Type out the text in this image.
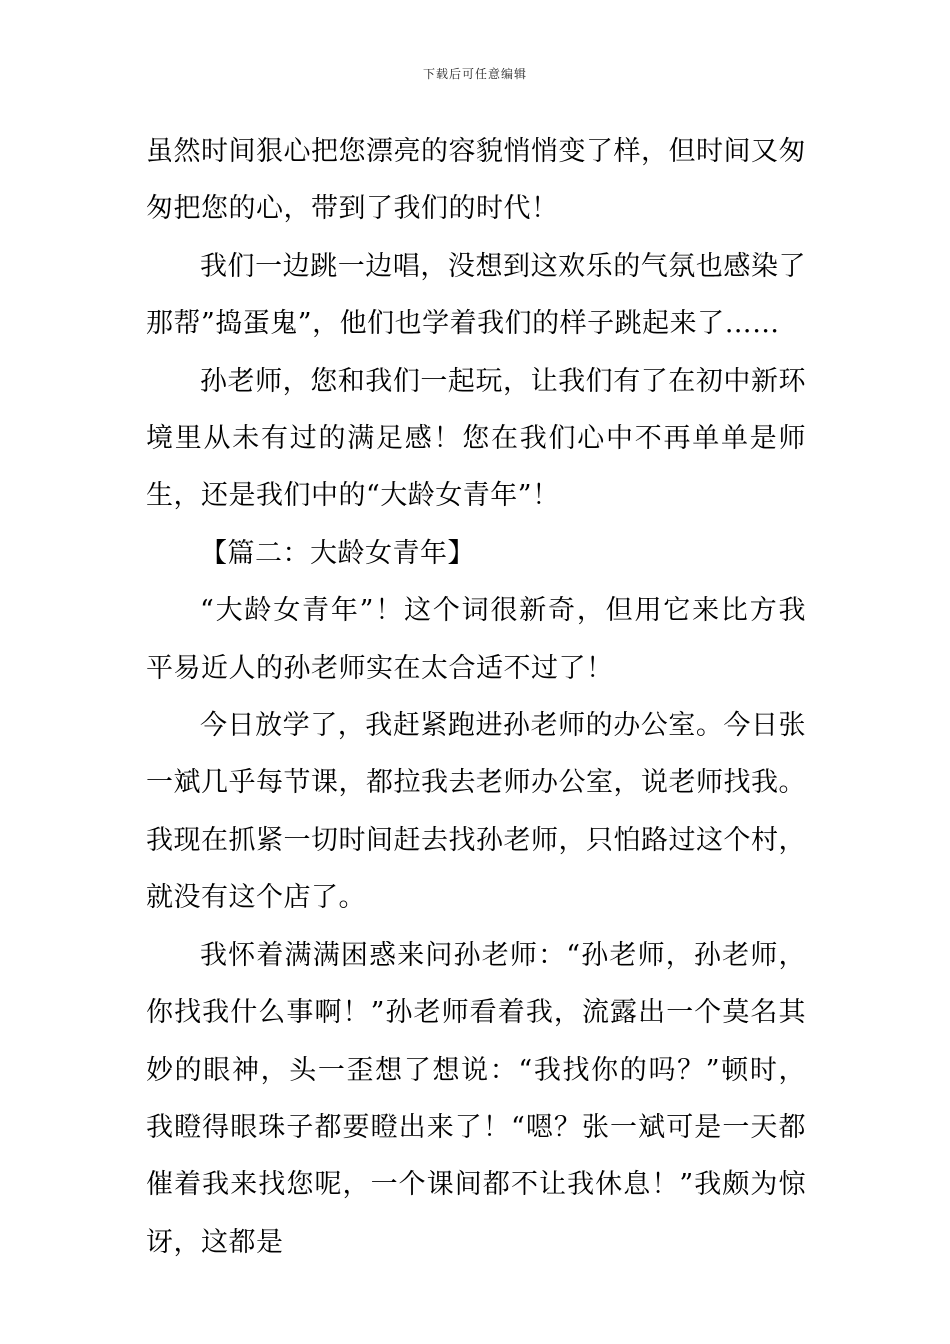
下载后可任意编辑

虽然时间狠心把您漂亮的容貌悄悄变了样，但时间又匆匆把您的心，带到了我们的时代！

我们一边跳一边唱，没想到这欢乐的气氛也感染了那帮”捣蛋鬼”，他们也学着我们的样子跳起来了……

孙老师，您和我们一起玩，让我们有了在初中新环境里从未有过的满足感！您在我们心中不再单单是师生，还是我们中的“大龄女青年”！

【篇二：大龄女青年】

“大龄女青年”！这个词很新奇，但用它来比方我平易近人的孙老师实在太合适不过了！

今日放学了，我赶紧跑进孙老师的办公室。今日张一斌几乎每节课，都拉我去老师办公室，说老师找我。我现在抓紧一切时间赶去找孙老师，只怕路过这个村，就没有这个店了。

我怀着满满困惑来问孙老师：“孙老师，孙老师，你找我什么事啊！”孙老师看着我，流露出一个莫名其妙的眼神，头一歪想了想说：“我找你的吗？”顿时，我瞪得眼珠子都要瞪出来了！“嗯？张一斌可是一天都催着我来找您呢，一个课间都不让我休息！”我颇为惊讶，这都是
